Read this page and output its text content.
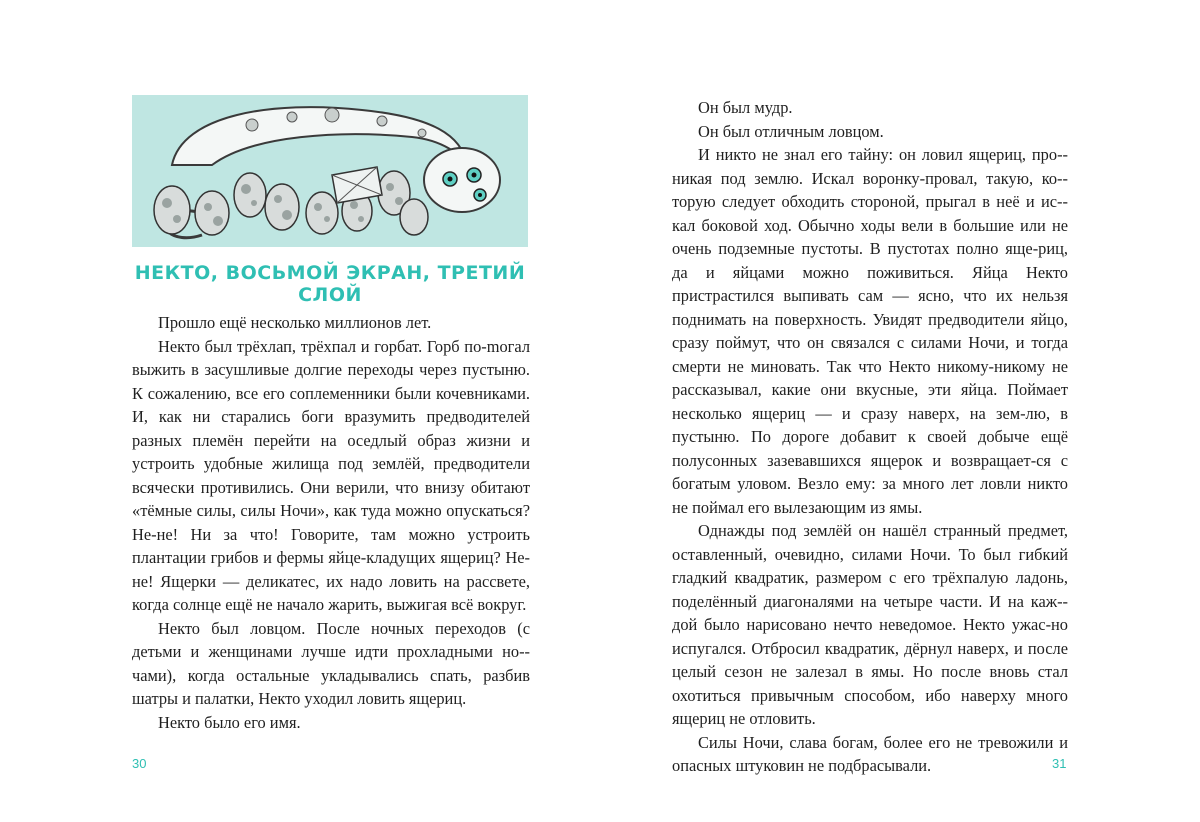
НЕКТО, ВОСЬМОЙ ЭКРАН, ТРЕТИЙ СЛОЙ

Прошло ещё несколько миллионов лет.

Некто был трёхлап, трёхпал и горбат. Горб по-mогал выжить в засушливые долгие переходы через пустыню. К сожалению, все его соплеменники были кочевниками. И, как ни старались боги вразумить предводителей разных племён перейти на оседлый образ жизни и устроить удобные жилища под землёй, предводители всячески противились. Они верили, что внизу обитают «тёмные силы, силы Ночи», как туда можно опускаться? Не-не! Ни за что! Говорите, там можно устроить плантации грибов и фермы яйце-кладущих ящериц? Не-не! Ящерки — деликатес, их надо ловить на рассвете, когда солнце ещё не начало жарить, выжигая всё вокруг.

Некто был ловцом. После ночных переходов (с детьми и женщинами лучше идти прохладными но-чами), когда остальные укладывались спать, разбив шатры и палатки, Некто уходил ловить ящериц.

Некто было его имя.

30

Он был мудр.

Он был отличным ловцом.

И никто не знал его тайну: он ловил ящериц, про-никая под землю. Искал воронку-провал, такую, ко-торую следует обходить стороной, прыгал в неё и ис-кал боковой ход. Обычно ходы вели в большие или не очень подземные пустоты. В пустотах полно яще-риц, да и яйцами можно поживиться. Яйца Некто пристрастился выпивать сам — ясно, что их нельзя поднимать на поверхность. Увидят предводители яйцо, сразу поймут, что он связался с силами Ночи, и тогда смерти не миновать. Так что Некто никому-никому не рассказывал, какие они вкусные, эти яйца. Поймает несколько ящериц — и сразу наверх, на зем-лю, в пустыню. По дороге добавит к своей добыче ещё полусонных зазевавшихся ящерок и возвращает-ся с богатым уловом. Везло ему: за много лет ловли никто не поймал его вылезающим из ямы.

Однажды под землёй он нашёл странный предмет, оставленный, очевидно, силами Ночи. То был гибкий гладкий квадратик, размером с его трёхпалую ладонь, поделённый диагоналями на четыре части. И на каж-дой было нарисовано нечто неведомое. Некто ужас-но испугался. Отбросил квадратик, дёрнул наверх, и после целый сезон не залезал в ямы. Но после вновь стал охотиться привычным способом, ибо наверху много ящериц не отловить.

Силы Ночи, слава богам, более его не тревожили и опасных штуковин не подбрасывали.	31
